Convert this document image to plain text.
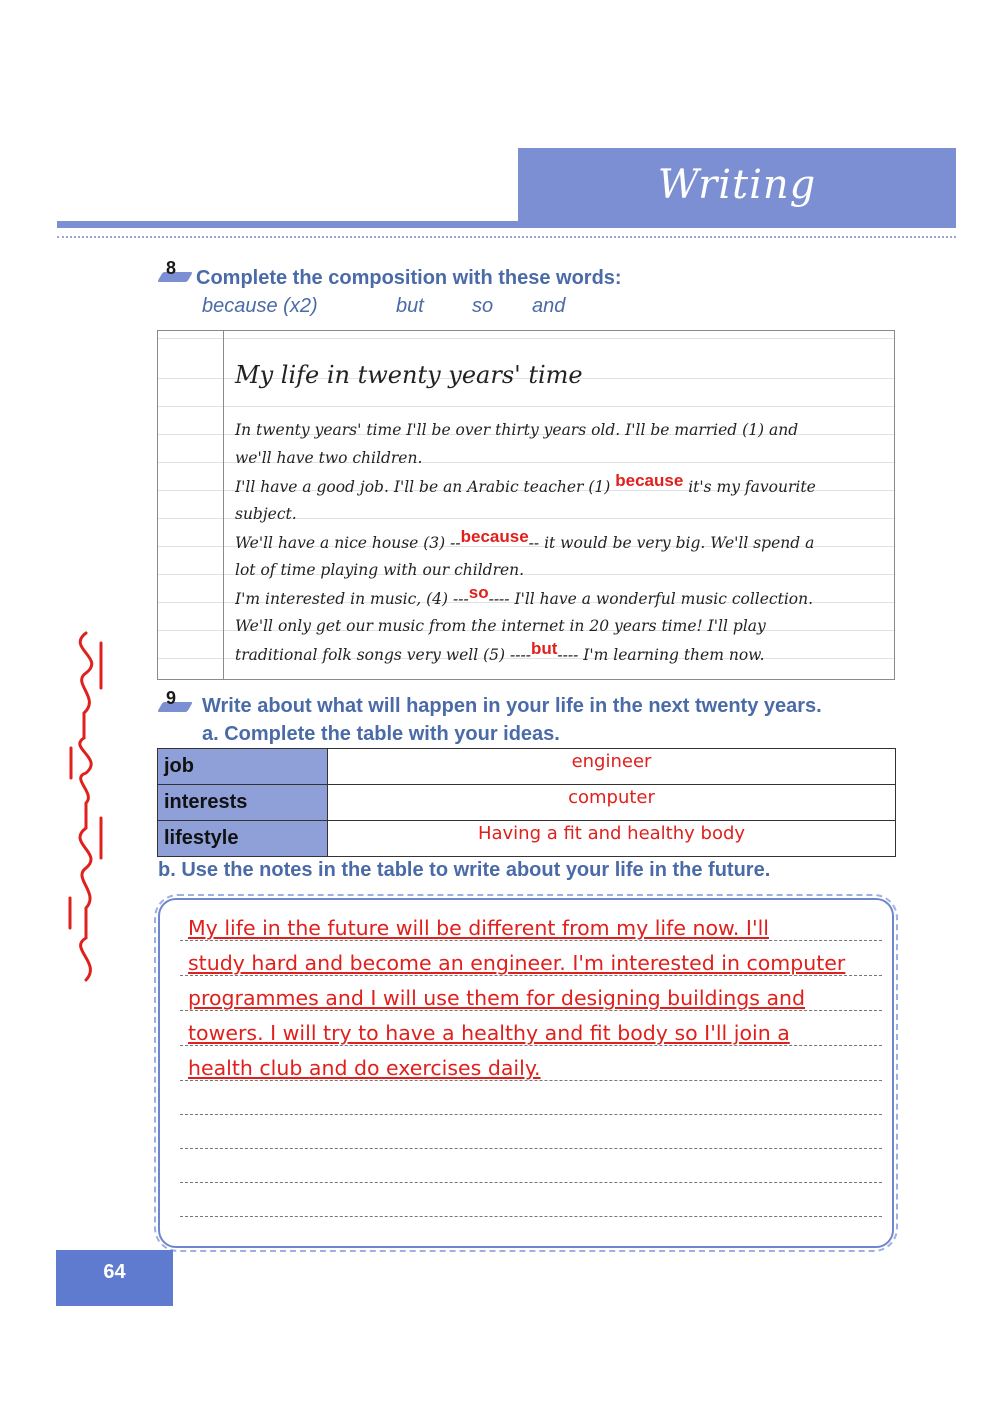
Writing
8 Complete the composition with these words:
because (x2)	but so and
My life in twenty years' time
In twenty years' time I'll be over thirty years old. I'll be married (1) and
we'll have two children.
I'll have a good job. I'll be an Arabic teacher (1) because it's my favourite
subject.
We'll have a nice house (3) --because-- it would be very big. We'll spend a
lot of time playing with our children.
I'm interested in music, (4) ---so---- I'll have a wonderful music collection.
We'll only get our music from the internet in 20 years time! I'll play
traditional folk songs very well (5) ----but---- I'm learning them now.
9 Write about what will happen in your life in the next twenty years.
a. Complete the table with your ideas.
job	engineer
interests	computer
lifestyle	Having a fit and healthy body
b. Use the notes in the table to write about your life in the future.
My life in the future will be different from my life now. I'll
study hard and become an engineer. I'm interested in computer
programmes and I will use them for designing buildings and
towers. I will try to have a healthy and fit body so I'll join a
health club and do exercises daily.
64
